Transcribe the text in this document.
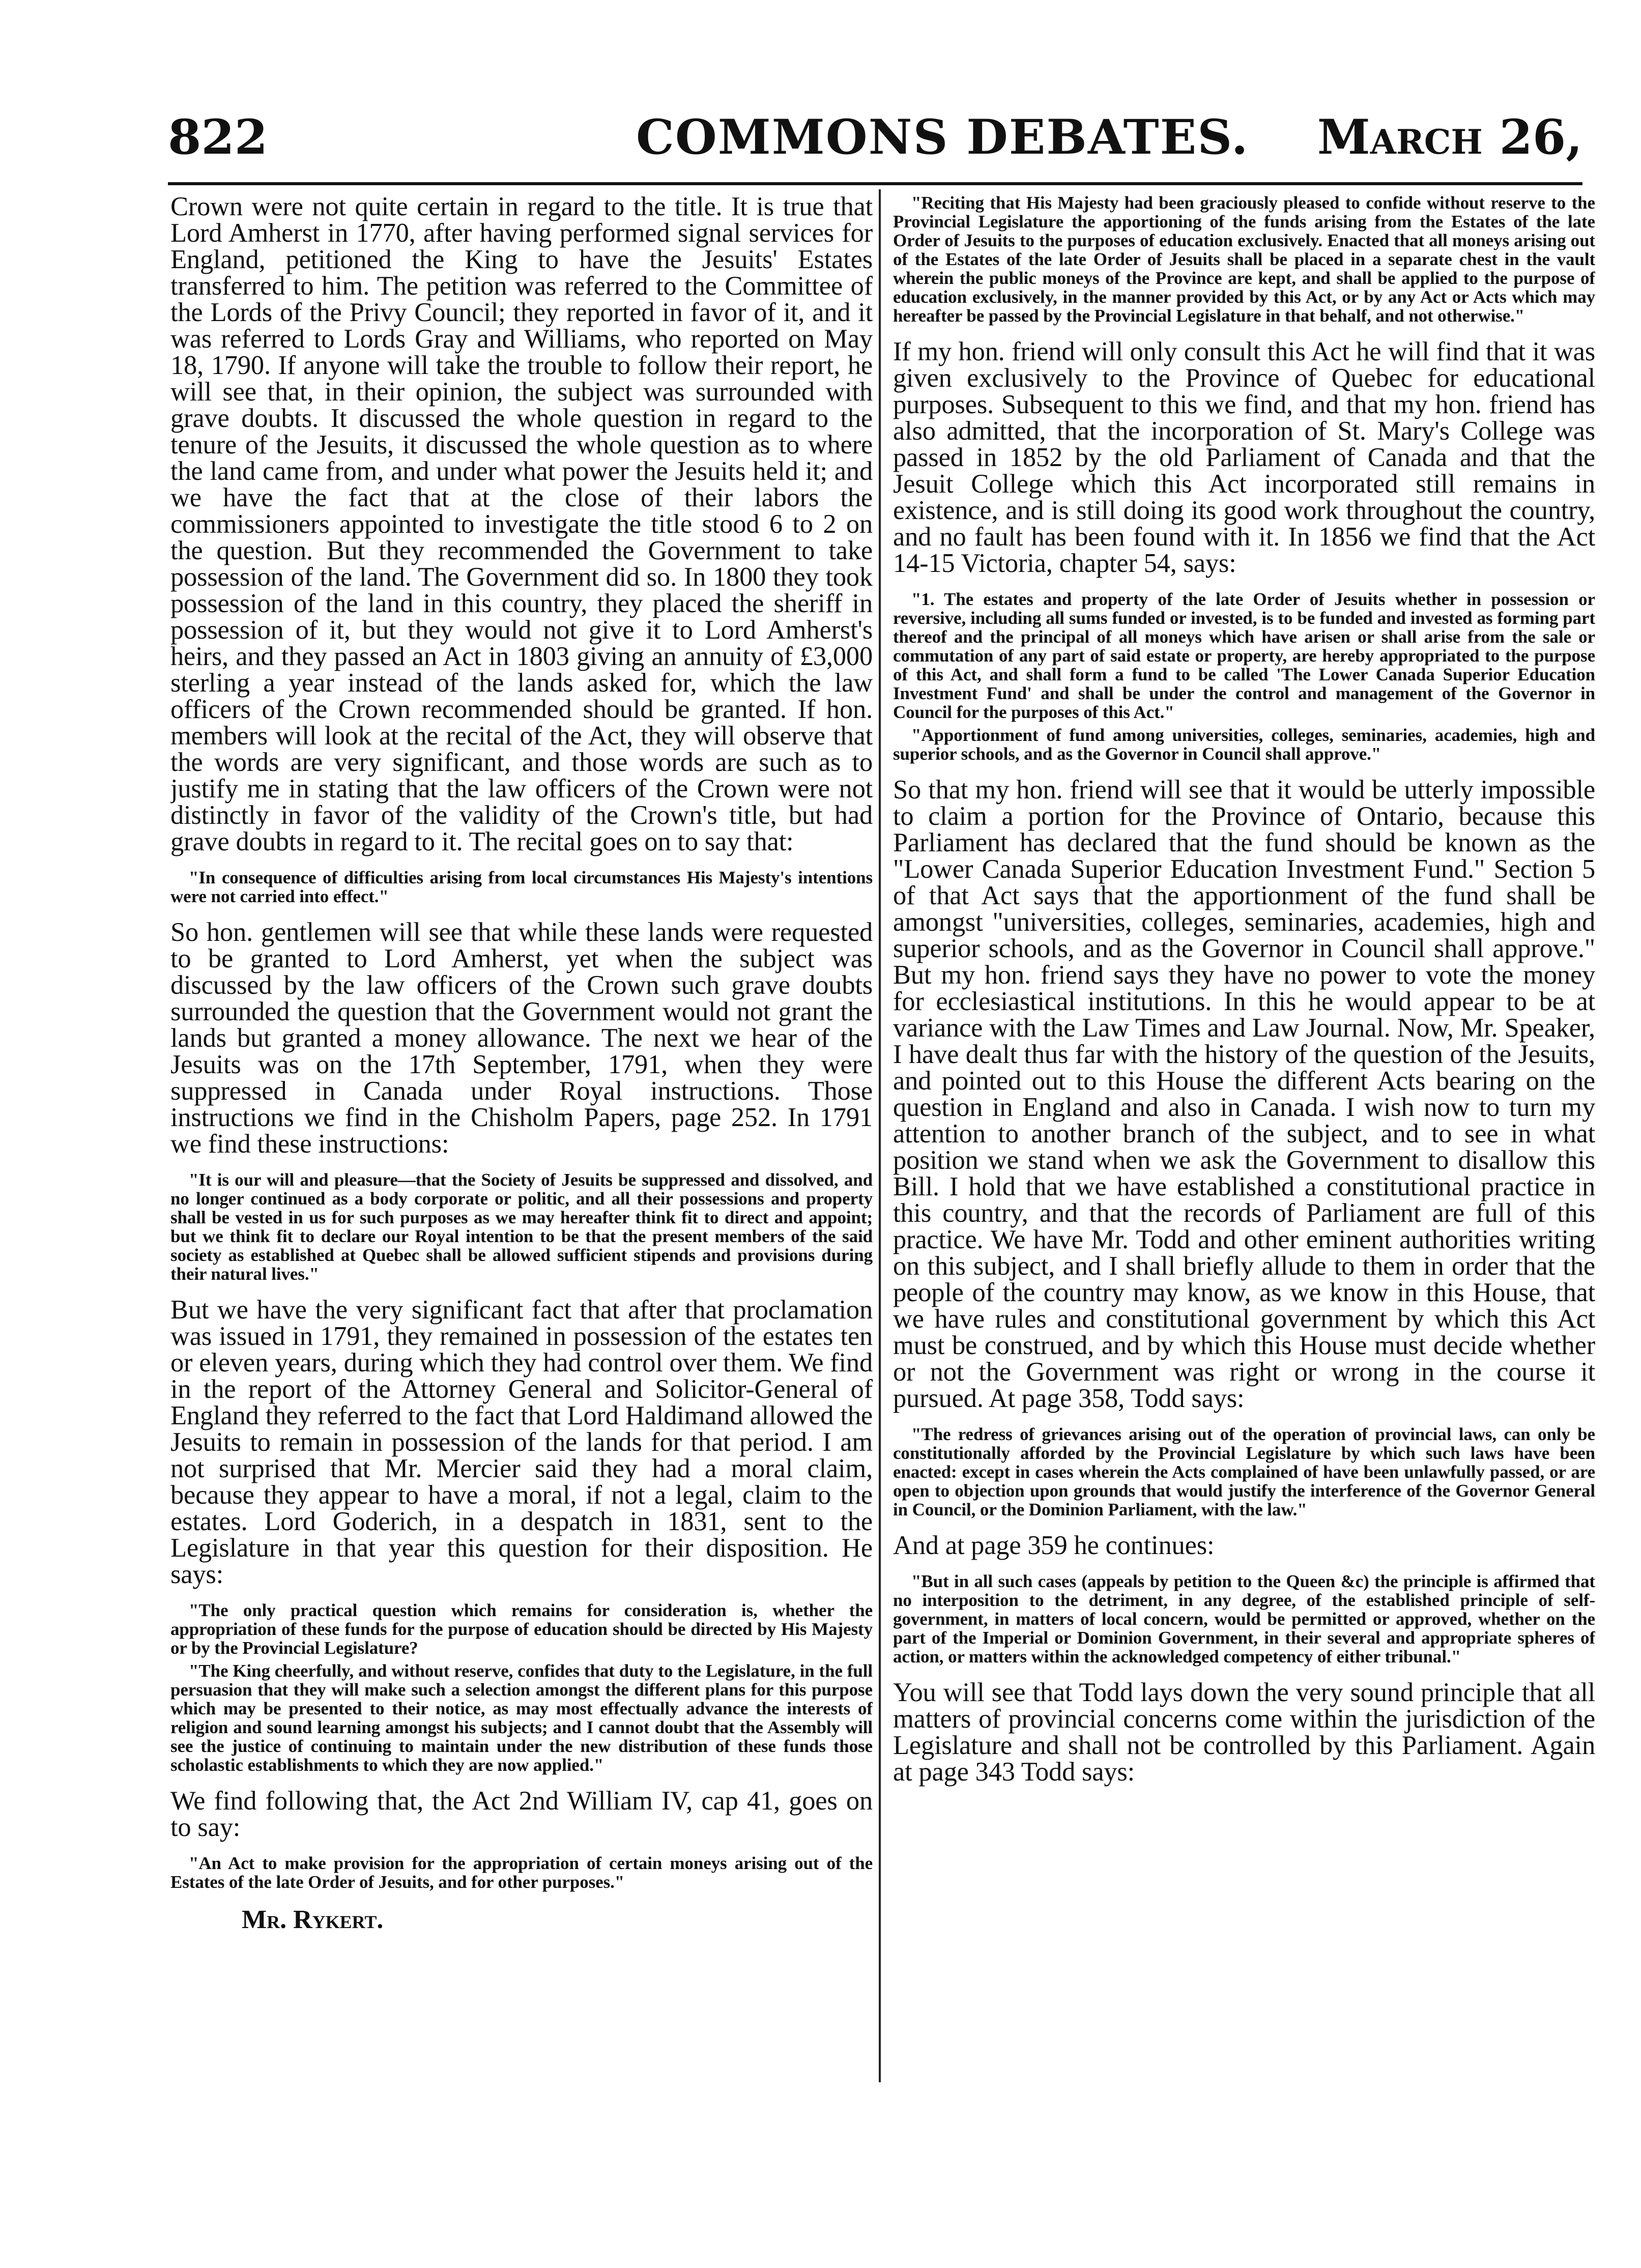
822	COMMONS DEBATES. March 26,

Crown were not quite certain in regard to the title. It is true that Lord Amherst in 1770, after having performed signal services for England, petitioned the King to have the Jesuits' Estates transferred to him. The petition was referred to the Committee of the Lords of the Privy Council; they reported in favor of it, and it was referred to Lords Gray and Williams, who reported on May 18, 1790. If anyone will take the trouble to follow their report, he will see that, in their opinion, the subject was surrounded with grave doubts. It discussed the whole question in regard to the tenure of the Jesuits, it discussed the whole question as to where the land came from, and under what power the Jesuits held it; and we have the fact that at the close of their labors the commissioners appointed to investigate the title stood 6 to 2 on the question. But they recommended the Government to take possession of the land. The Government did so. In 1800 they took possession of the land in this country, they placed the sheriff in possession of it, but they would not give it to Lord Amherst's heirs, and they passed an Act in 1803 giving an annuity of £3,000 sterling a year instead of the lands asked for, which the law officers of the Crown recommended should be granted. If hon. members will look at the recital of the Act, they will observe that the words are very significant, and those words are such as to justify me in stating that the law officers of the Crown were not distinctly in favor of the validity of the Crown's title, but had grave doubts in regard to it. The recital goes on to say that:

"In consequence of difficulties arising from local circumstances His Majesty's intentions were not carried into effect."

So hon. gentlemen will see that while these lands were requested to be granted to Lord Amherst, yet when the subject was discussed by the law officers of the Crown such grave doubts surrounded the question that the Government would not grant the lands but granted a money allowance. The next we hear of the Jesuits was on the 17th September, 1791, when they were suppressed in Canada under Royal instructions. Those instructions we find in the Chisholm Papers, page 252. In 1791 we find these instructions:

"It is our will and pleasure—that the Society of Jesuits be suppressed and dissolved, and no longer continued as a body corporate or politic, and all their possessions and property shall be vested in us for such purposes as we may hereafter think fit to direct and appoint; but we think fit to declare our Royal intention to be that the present members of the said society as established at Quebec shall be allowed sufficient stipends and provisions during their natural lives."

But we have the very significant fact that after that proclamation was issued in 1791, they remained in possession of the estates ten or eleven years, during which they had control over them. We find in the report of the Attorney General and Solicitor-General of England they referred to the fact that Lord Haldimand allowed the Jesuits to remain in possession of the lands for that period. I am not surprised that Mr. Mercier said they had a moral claim, because they appear to have a moral, if not a legal, claim to the estates. Lord Goderich, in a despatch in 1831, sent to the Legislature in that year this question for their disposition. He says:

"The only practical question which remains for consideration is, whether the appropriation of these funds for the purpose of education should be directed by His Majesty or by the Provincial Legislature?

"The King cheerfully, and without reserve, confides that duty to the Legislature, in the full persuasion that they will make such a selection amongst the different plans for this purpose which may be presented to their notice, as may most effectually advance the interests of religion and sound learning amongst his subjects; and I cannot doubt that the Assembly will see the justice of continuing to maintain under the new distribution of these funds those scholastic establishments to which they are now applied."

We find following that, the Act 2nd William IV, cap 41, goes on to say:

"An Act to make provision for the appropriation of certain moneys arising out of the Estates of the late Order of Jesuits, and for other purposes."

Mr. Rykert.

"Reciting that His Majesty had been graciously pleased to confide without reserve to the Provincial Legislature the apportioning of the funds arising from the Estates of the late Order of Jesuits to the purposes of education exclusively. Enacted that all moneys arising out of the Estates of the late Order of Jesuits shall be placed in a separate chest in the vault wherein the public moneys of the Province are kept, and shall be applied to the purpose of education exclusively, in the manner provided by this Act, or by any Act or Acts which may hereafter be passed by the Provincial Legislature in that behalf, and not otherwise."

If my hon. friend will only consult this Act he will find that it was given exclusively to the Province of Quebec for educational purposes. Subsequent to this we find, and that my hon. friend has also admitted, that the incorporation of St. Mary's College was passed in 1852 by the old Parliament of Canada and that the Jesuit College which this Act incorporated still remains in existence, and is still doing its good work throughout the country, and no fault has been found with it. In 1856 we find that the Act 14-15 Victoria, chapter 54, says:

"1. The estates and property of the late Order of Jesuits whether in possession or reversive, including all sums funded or invested, is to be funded and invested as forming part thereof and the principal of all moneys which have arisen or shall arise from the sale or commutation of any part of said estate or property, are hereby appropriated to the purpose of this Act, and shall form a fund to be called 'The Lower Canada Superior Education Investment Fund' and shall be under the control and management of the Governor in Council for the purposes of this Act."

"Apportionment of fund among universities, colleges, seminaries, academies, high and superior schools, and as the Governor in Council shall approve."

So that my hon. friend will see that it would be utterly impossible to claim a portion for the Province of Ontario, because this Parliament has declared that the fund should be known as the "Lower Canada Superior Education Investment Fund." Section 5 of that Act says that the apportionment of the fund shall be amongst "universities, colleges, seminaries, academies, high and superior schools, and as the Governor in Council shall approve." But my hon. friend says they have no power to vote the money for ecclesiastical institutions. In this he would appear to be at variance with the Law Times and Law Journal. Now, Mr. Speaker, I have dealt thus far with the history of the question of the Jesuits, and pointed out to this House the different Acts bearing on the question in England and also in Canada. I wish now to turn my attention to another branch of the subject, and to see in what position we stand when we ask the Government to disallow this Bill. I hold that we have established a constitutional practice in this country, and that the records of Parliament are full of this practice. We have Mr. Todd and other eminent authorities writing on this subject, and I shall briefly allude to them in order that the people of the country may know, as we know in this House, that we have rules and constitutional government by which this Act must be construed, and by which this House must decide whether or not the Government was right or wrong in the course it pursued. At page 358, Todd says:

"The redress of grievances arising out of the operation of provincial laws, can only be constitutionally afforded by the Provincial Legislature by which such laws have been enacted: except in cases wherein the Acts complained of have been unlawfully passed, or are open to objection upon grounds that would justify the interference of the Governor General in Council, or the Dominion Parliament, with the law."

And at page 359 he continues:

"But in all such cases (appeals by petition to the Queen &c) the principle is affirmed that no interposition to the detriment, in any degree, of the established principle of self-government, in matters of local concern, would be permitted or approved, whether on the part of the Imperial or Dominion Government, in their several and appropriate spheres of action, or matters within the acknowledged competency of either tribunal."

You will see that Todd lays down the very sound principle that all matters of provincial concerns come within the jurisdiction of the Legislature and shall not be controlled by this Parliament. Again at page 343 Todd says:
